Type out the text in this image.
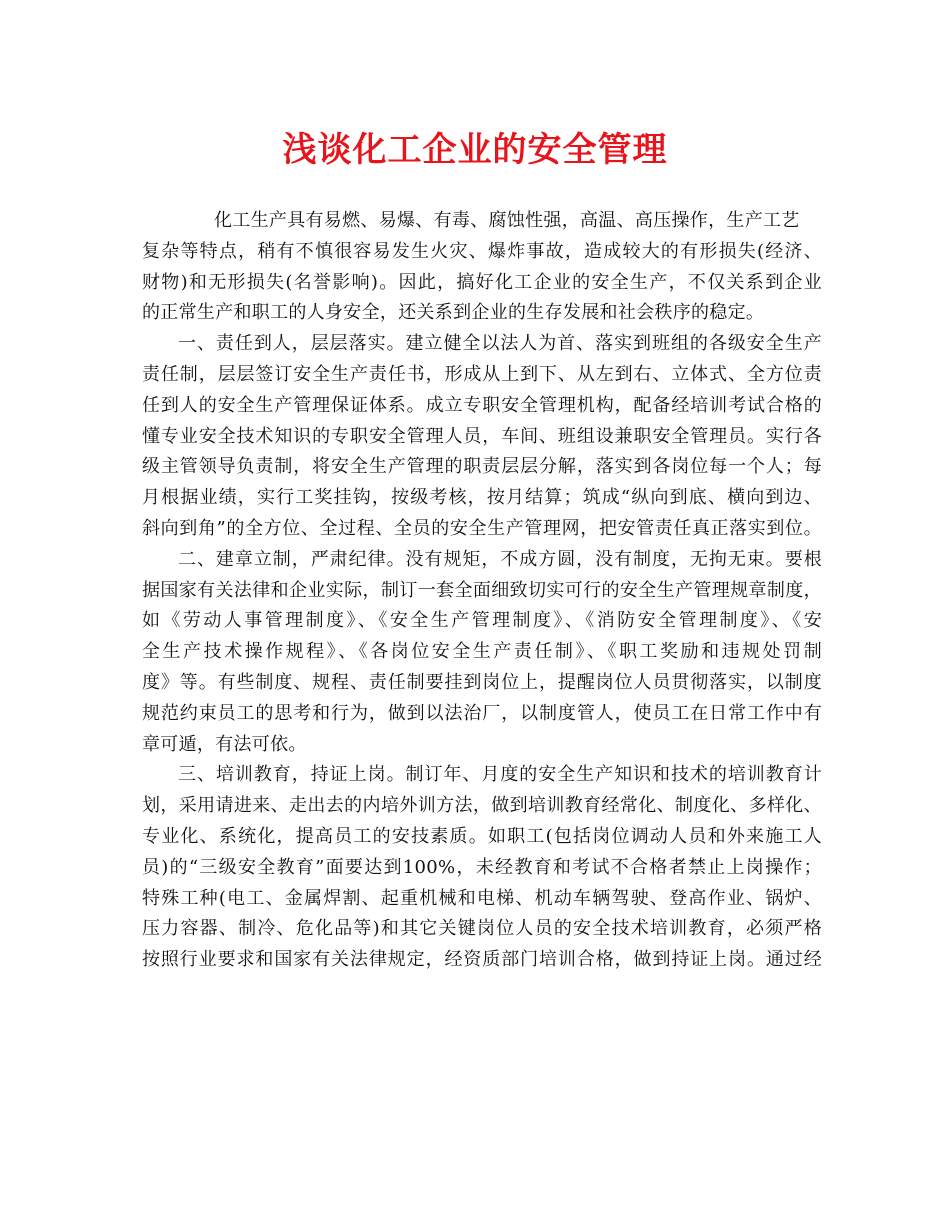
浅谈化工企业的安全管理
化工生产具有易燃、易爆、有毒、腐蚀性强，高温、高压操作，生产工艺
复杂等特点，稍有不慎很容易发生火灾、爆炸事故，造成较大的有形损失(经济、
财物)和无形损失(名誉影响)。因此，搞好化工企业的安全生产，不仅关系到企业
的正常生产和职工的人身安全，还关系到企业的生存发展和社会秩序的稳定。
一、责任到人，层层落实。建立健全以法人为首、落实到班组的各级安全生产
责任制，层层签订安全生产责任书，形成从上到下、从左到右、立体式、全方位责
任到人的安全生产管理保证体系。成立专职安全管理机构，配备经培训考试合格的
懂专业安全技术知识的专职安全管理人员，车间、班组设兼职安全管理员。实行各
级主管领导负责制，将安全生产管理的职责层层分解，落实到各岗位每一个人；每
月根据业绩，实行工奖挂钩，按级考核，按月结算；筑成“纵向到底、横向到边、
斜向到角”的全方位、全过程、全员的安全生产管理网，把安管责任真正落实到位。
二、建章立制，严肃纪律。没有规矩，不成方圆，没有制度，无拘无束。要根
据国家有关法律和企业实际，制订一套全面细致切实可行的安全生产管理规章制度，
如《劳动人事管理制度》、《安全生产管理制度》、《消防安全管理制度》、《安
全生产技术操作规程》、《各岗位安全生产责任制》、《职工奖励和违规处罚制
度》等。有些制度、规程、责任制要挂到岗位上，提醒岗位人员贯彻落实，以制度
规范约束员工的思考和行为，做到以法治厂，以制度管人，使员工在日常工作中有
章可遁，有法可依。
三、培训教育，持证上岗。制订年、月度的安全生产知识和技术的培训教育计
划，采用请进来、走出去的内培外训方法，做到培训教育经常化、制度化、多样化、
专业化、系统化，提高员工的安技素质。如职工(包括岗位调动人员和外来施工人
员)的“三级安全教育”面要达到100%，未经教育和考试不合格者禁止上岗操作；
特殊工种(电工、金属焊割、起重机械和电梯、机动车辆驾驶、登高作业、锅炉、
压力容器、制冷、危化品等)和其它关键岗位人员的安全技术培训教育，必须严格
按照行业要求和国家有关法律规定，经资质部门培训合格，做到持证上岗。通过经
